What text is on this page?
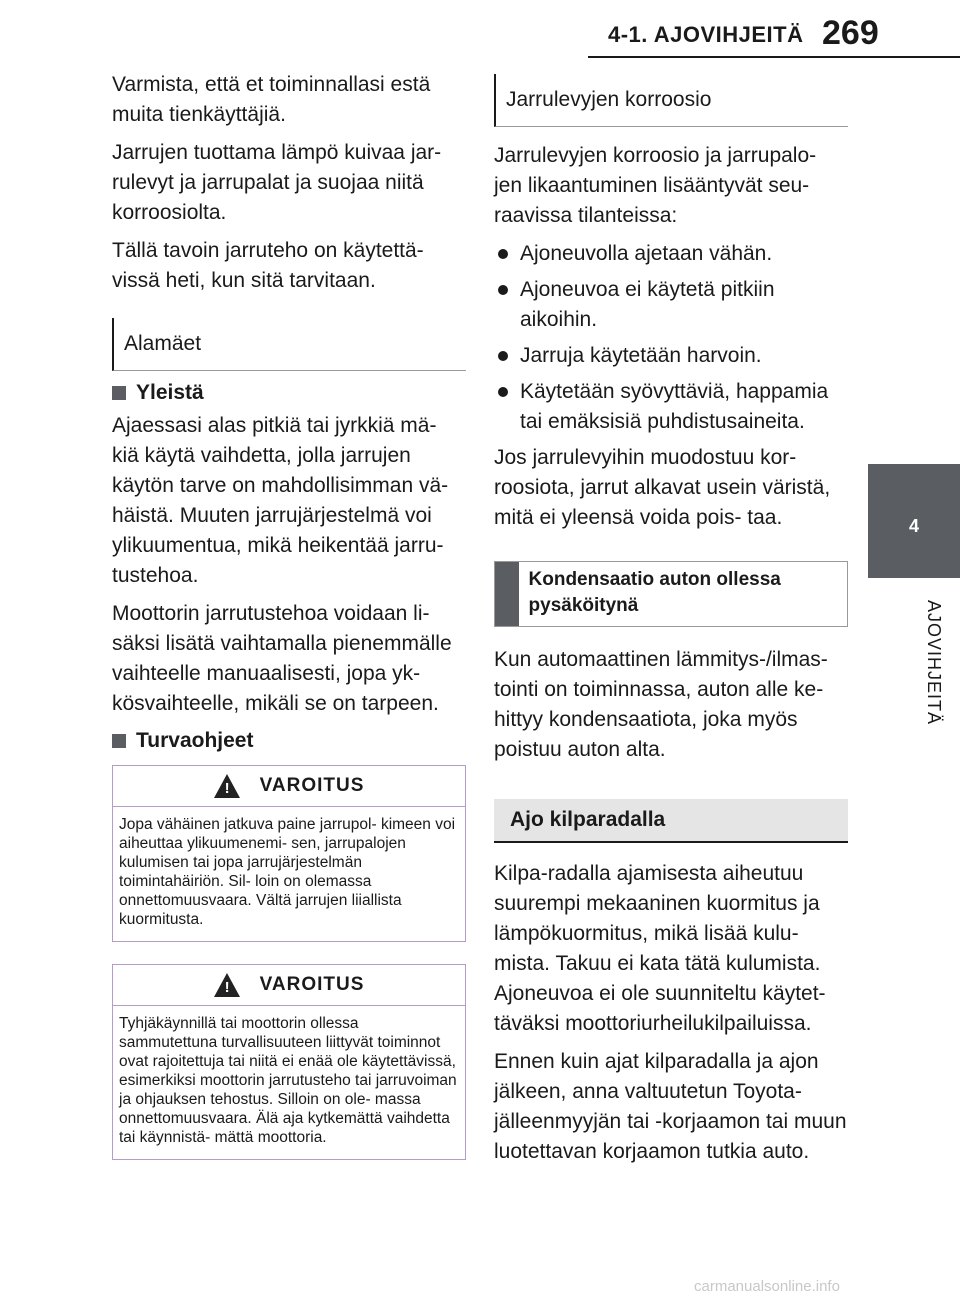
4-1. AJOVIHJEITÄ 269
4
AJOVIHJEITÄ

Varmista, että et toiminnallasi estä muita tienkäyttäjiä.

Jarrujen tuottama lämpö kuivaa jar- rulevyt ja jarrupalat ja suojaa niitä korroosiolta.

Tällä tavoin jarruteho on käytettä- vissä heti, kun sitä tarvitaan.

Alamäet
Yleistä

Ajaessasi alas pitkiä tai jyrkkiä mä- kiä käytä vaihdetta, jolla jarrujen käytön tarve on mahdollisimman vä- häistä. Muuten jarrujärjestelmä voi ylikuumentua, mikä heikentää jarru- tustehoa.

Moottorin jarrutustehoa voidaan li- säksi lisätä vaihtamalla pienemmälle vaihteelle manuaalisesti, jopa yk- kösvaihteelle, mikäli se on tarpeen.

Turvaohjeet
! VAROITUS
Jopa vähäinen jatkuva paine jarrupol- kimeen voi aiheuttaa ylikuumenemi- sen, jarrupalojen kulumisen tai jopa jarrujärjestelmän toimintahäiriön. Sil- loin on olemassa onnettomuusvaara. Vältä jarrujen liiallista kuormitusta.
! VAROITUS
Tyhjäkäynnillä tai moottorin ollessa sammutettuna turvallisuuteen liittyvät toiminnot ovat rajoitettuja tai niitä ei enää ole käytettävissä, esimerkiksi moottorin jarrutusteho tai jarruvoiman ja ohjauksen tehostus. Silloin on ole- massa onnettomuusvaara. Älä aja kytkemättä vaihdetta tai käynnistä- mättä moottoria.
Jarrulevyjen korroosio

Jarrulevyjen korroosio ja jarrupalo- jen likaantuminen lisääntyvät seu- raavissa tilanteissa:

Ajoneuvolla ajetaan vähän.
Ajoneuvoa ei käytetä pitkiin aikoihin.
Jarruja käytetään harvoin.
Käytetään syövyttäviä, happamia tai emäksisiä puhdistusaineita.

Jos jarrulevyihin muodostuu kor- roosiota, jarrut alkavat usein väristä, mitä ei yleensä voida pois- taa.

Kondensaatio auton ollessa pysäköitynä

Kun automaattinen lämmitys-/ilmas- tointi on toiminnassa, auton alle ke- hittyy kondensaatiota, joka myös poistuu auton alta.

Ajo kilparadalla

Kilpa-radalla ajamisesta aiheutuu suurempi mekaaninen kuormitus ja lämpökuormitus, mikä lisää kulu- mista. Takuu ei kata tätä kulumista. Ajoneuvoa ei ole suunniteltu käytet- täväksi moottoriurheilukilpailuissa.

Ennen kuin ajat kilparadalla ja ajon jälkeen, anna valtuutetun Toyota- jälleenmyyjän tai -korjaamon tai muun luotettavan korjaamon tutkia auto.

carmanualsonline.info
